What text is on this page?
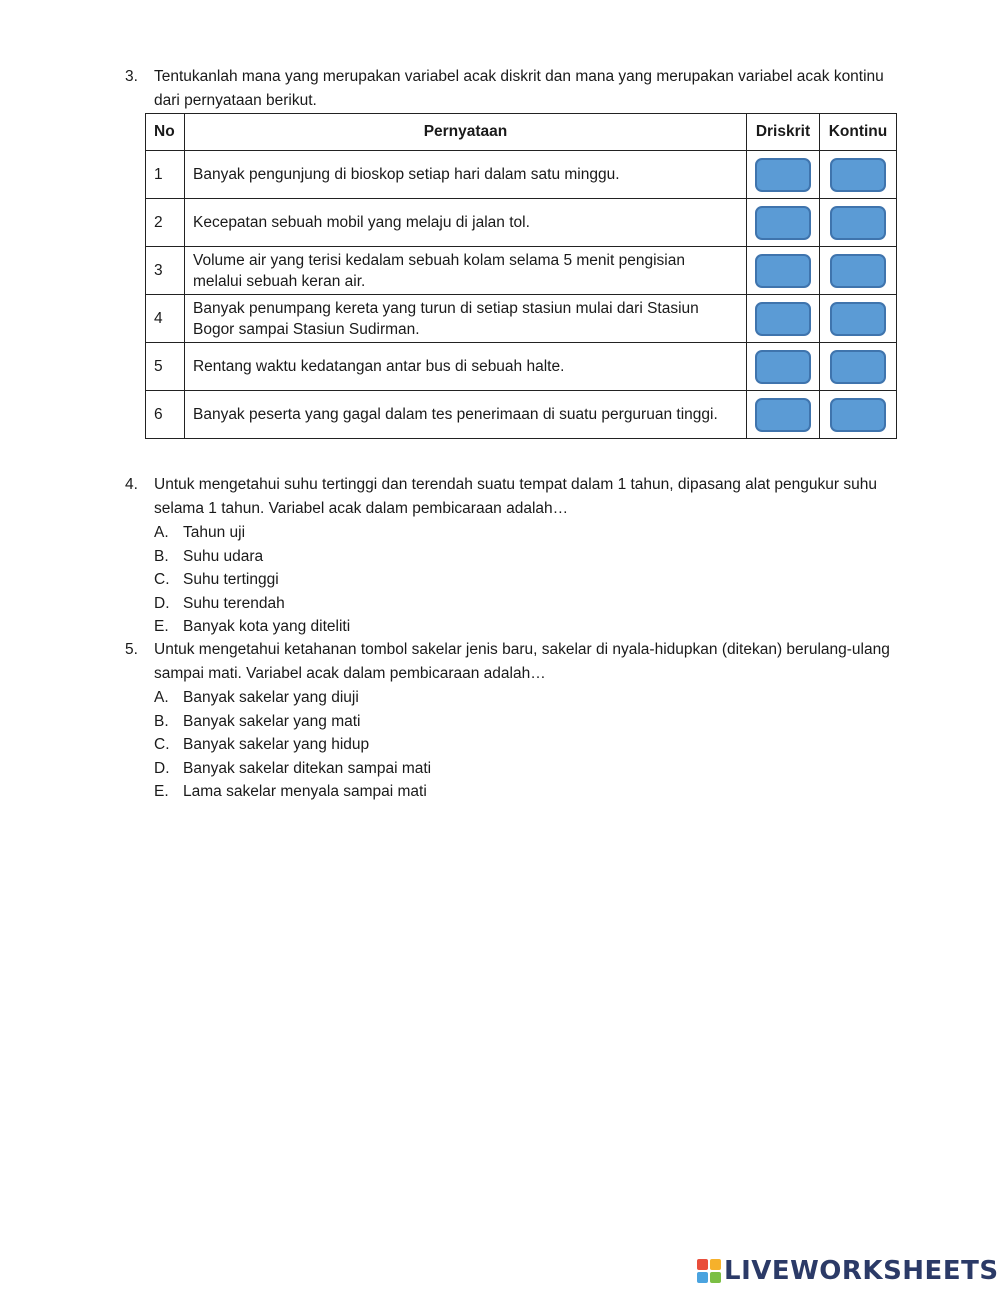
3. Tentukanlah mana yang merupakan variabel acak diskrit dan mana yang merupakan variabel acak kontinu dari pernyataan berikut.
No	Pernyataan	Driskrit	Kontinu
1	Banyak pengunjung di bioskop setiap hari dalam satu minggu.		
2	Kecepatan sebuah mobil yang melaju di jalan tol.		
3	Volume air yang terisi kedalam sebuah kolam selama 5 menit pengisian melalui sebuah keran air.		
4	Banyak penumpang kereta yang turun di setiap stasiun mulai dari Stasiun Bogor sampai Stasiun Sudirman.		
5	Rentang waktu kedatangan antar bus di sebuah halte.		
6	Banyak peserta yang gagal dalam tes penerimaan di suatu perguruan tinggi.		
4. Untuk mengetahui suhu tertinggi dan terendah suatu tempat dalam 1 tahun, dipasang alat pengukur suhu selama 1 tahun. Variabel acak dalam pembicaraan adalah…
A. Tahun uji
B. Suhu udara
C. Suhu tertinggi
D. Suhu terendah
E. Banyak kota yang diteliti
5. Untuk mengetahui ketahanan tombol sakelar jenis baru, sakelar di nyala-hidupkan (ditekan) berulang-ulang sampai mati. Variabel acak dalam pembicaraan adalah…
A. Banyak sakelar yang diuji
B. Banyak sakelar yang mati
C. Banyak sakelar yang hidup
D. Banyak sakelar ditekan sampai mati
E. Lama sakelar menyala sampai mati
LIVEWORKSHEETS
